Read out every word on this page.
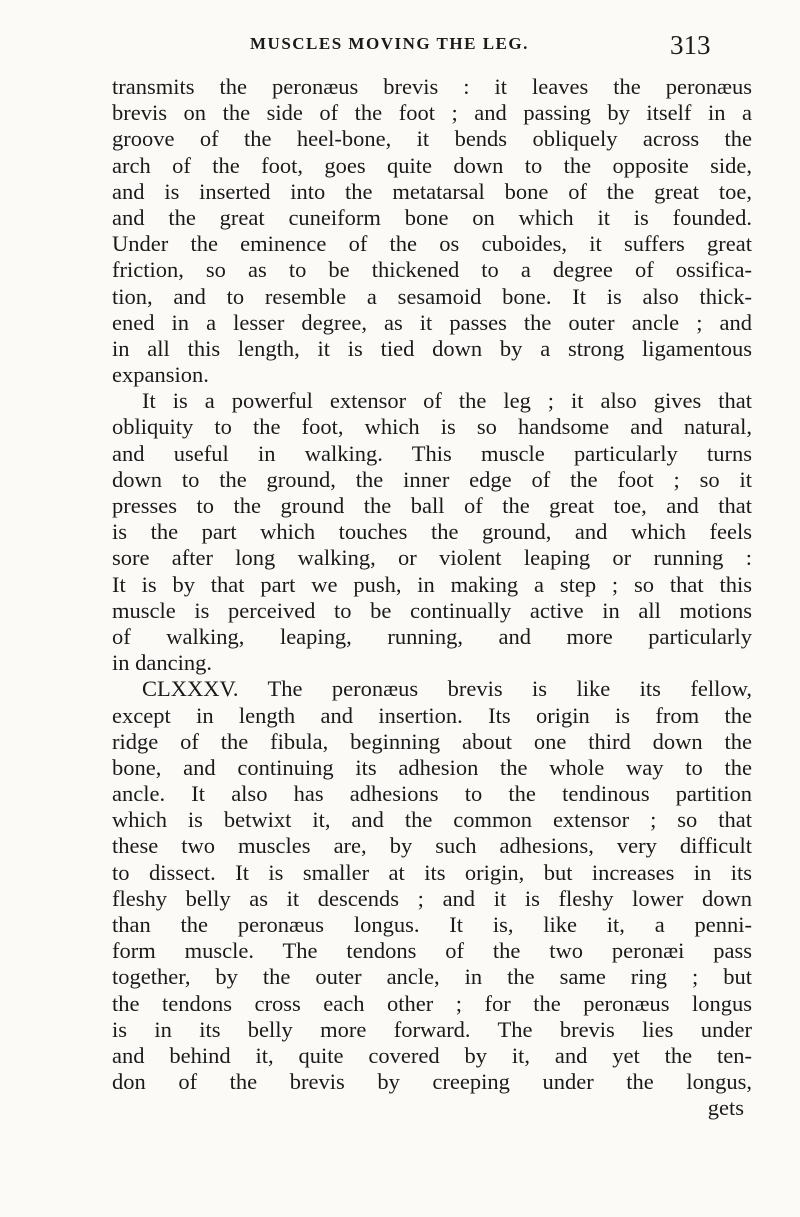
MUSCLES MOVING THE LEG.	313
transmits the peronæus brevis : it leaves the peronæus
brevis on the side of the foot ; and passing by itself in a
groove of the heel-bone, it bends obliquely across the
arch of the foot, goes quite down to the opposite side,
and is inserted into the metatarsal bone of the great toe,
and the great cuneiform bone on which it is founded.
Under the eminence of the os cuboides, it suffers great
friction, so as to be thickened to a degree of ossifica-
tion, and to resemble a sesamoid bone. It is also thick-
ened in a lesser degree, as it passes the outer ancle ; and
in all this length, it is tied down by a strong ligamentous
expansion.
It is a powerful extensor of the leg ; it also gives that
obliquity to the foot, which is so handsome and natural,
and useful in walking. This muscle particularly turns
down to the ground, the inner edge of the foot ; so it
presses to the ground the ball of the great toe, and that
is the part which touches the ground, and which feels
sore after long walking, or violent leaping or running :
It is by that part we push, in making a step ; so that this
muscle is perceived to be continually active in all motions
of walking, leaping, running, and more particularly
in dancing.
CLXXXV. The peronæus brevis is like its fellow,
except in length and insertion. Its origin is from the
ridge of the fibula, beginning about one third down the
bone, and continuing its adhesion the whole way to the
ancle. It also has adhesions to the tendinous partition
which is betwixt it, and the common extensor ; so that
these two muscles are, by such adhesions, very difficult
to dissect. It is smaller at its origin, but increases in its
fleshy belly as it descends ; and it is fleshy lower down
than the peronæus longus. It is, like it, a penni-
form muscle. The tendons of the two peronæi pass
together, by the outer ancle, in the same ring ; but
the tendons cross each other ; for the peronæus longus
is in its belly more forward. The brevis lies under
and behind it, quite covered by it, and yet the ten-
don of the brevis by creeping under the longus,
gets
